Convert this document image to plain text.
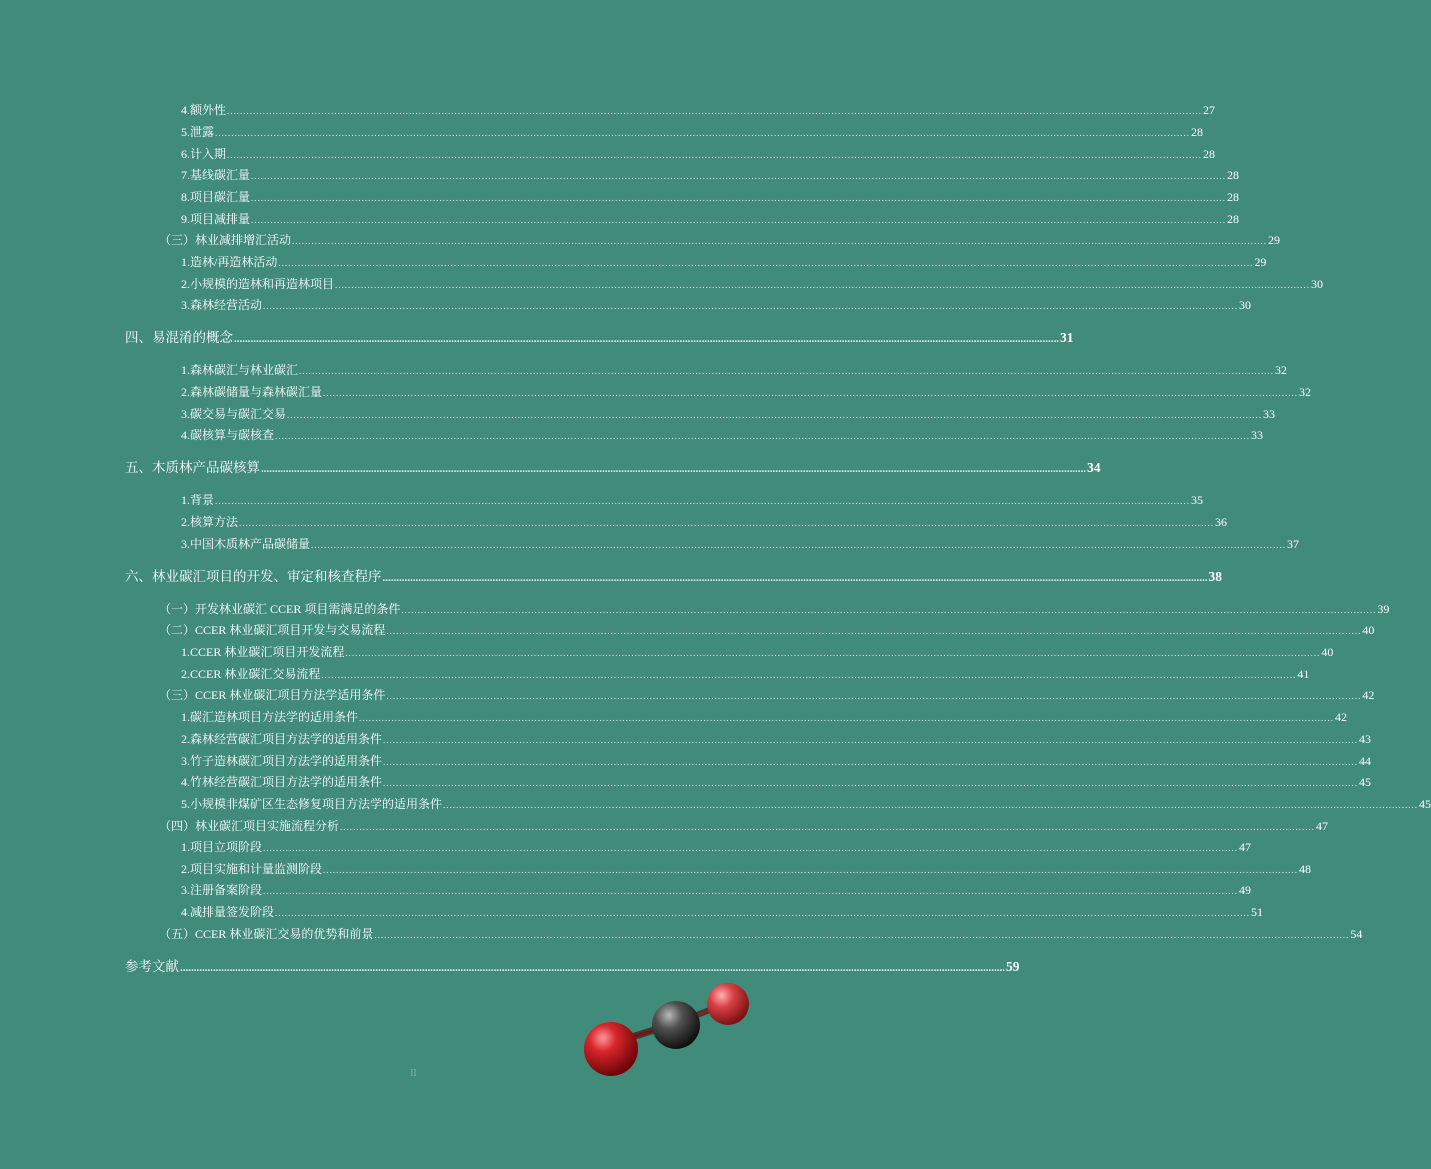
4.额外性 ............................................................................................................................................................................................................................................................................................................ 27
5.泄露 ............................................................................................................................................................................................................................................................................................................ 28
6.计入期 ............................................................................................................................................................................................................................................................................................................ 28
7.基线碳汇量 ............................................................................................................................................................................................................................................................................................................ 28
8.项目碳汇量 ............................................................................................................................................................................................................................................................................................................ 28
9.项目减排量 ............................................................................................................................................................................................................................................................................................................ 28
（三）林业减排增汇活动 ............................................................................................................................................................................................................................................................................................................ 29
1.造林/再造林活动 ............................................................................................................................................................................................................................................................................................................ 29
2.小规模的造林和再造林项目 ............................................................................................................................................................................................................................................................................................................ 30
3.森林经营活动 ............................................................................................................................................................................................................................................................................................................ 30
四、易混淆的概念 ............................................................................................................................................................................................................................................................................................................ 31
1.森林碳汇与林业碳汇 ............................................................................................................................................................................................................................................................................................................ 32
2.森林碳储量与森林碳汇量 ............................................................................................................................................................................................................................................................................................................ 32
3.碳交易与碳汇交易 ............................................................................................................................................................................................................................................................................................................ 33
4.碳核算与碳核查 ............................................................................................................................................................................................................................................................................................................ 33
五、木质林产品碳核算 ............................................................................................................................................................................................................................................................................................................ 34
1.背景 ............................................................................................................................................................................................................................................................................................................ 35
2.核算方法 ............................................................................................................................................................................................................................................................................................................ 36
3.中国木质林产品碳储量 ............................................................................................................................................................................................................................................................................................................ 37
六、林业碳汇项目的开发、审定和核查程序 ............................................................................................................................................................................................................................................................................................................ 38
（一）开发林业碳汇 CCER 项目需满足的条件 ............................................................................................................................................................................................................................................................................................................ 39
（二）CCER 林业碳汇项目开发与交易流程 ............................................................................................................................................................................................................................................................................................................ 40
1.CCER 林业碳汇项目开发流程 ............................................................................................................................................................................................................................................................................................................ 40
2.CCER 林业碳汇交易流程 ............................................................................................................................................................................................................................................................................................................ 41
（三）CCER 林业碳汇项目方法学适用条件 ............................................................................................................................................................................................................................................................................................................ 42
1.碳汇造林项目方法学的适用条件 ............................................................................................................................................................................................................................................................................................................ 42
2.森林经营碳汇项目方法学的适用条件 ............................................................................................................................................................................................................................................................................................................ 43
3.竹子造林碳汇项目方法学的适用条件 ............................................................................................................................................................................................................................................................................................................ 44
4.竹林经营碳汇项目方法学的适用条件 ............................................................................................................................................................................................................................................................................................................ 45
5.小规模非煤矿区生态修复项目方法学的适用条件 ............................................................................................................................................................................................................................................................................................................ 45
（四）林业碳汇项目实施流程分析 ............................................................................................................................................................................................................................................................................................................ 47
1.项目立项阶段 ............................................................................................................................................................................................................................................................................................................ 47
2.项目实施和计量监测阶段 ............................................................................................................................................................................................................................................................................................................ 48
3.注册备案阶段 ............................................................................................................................................................................................................................................................................................................ 49
4.减排量签发阶段 ............................................................................................................................................................................................................................................................................................................ 51
（五）CCER 林业碳汇交易的优势和前景 ............................................................................................................................................................................................................................................................................................................ 54
参考文献 ............................................................................................................................................................................................................................................................................................................ 59
II
